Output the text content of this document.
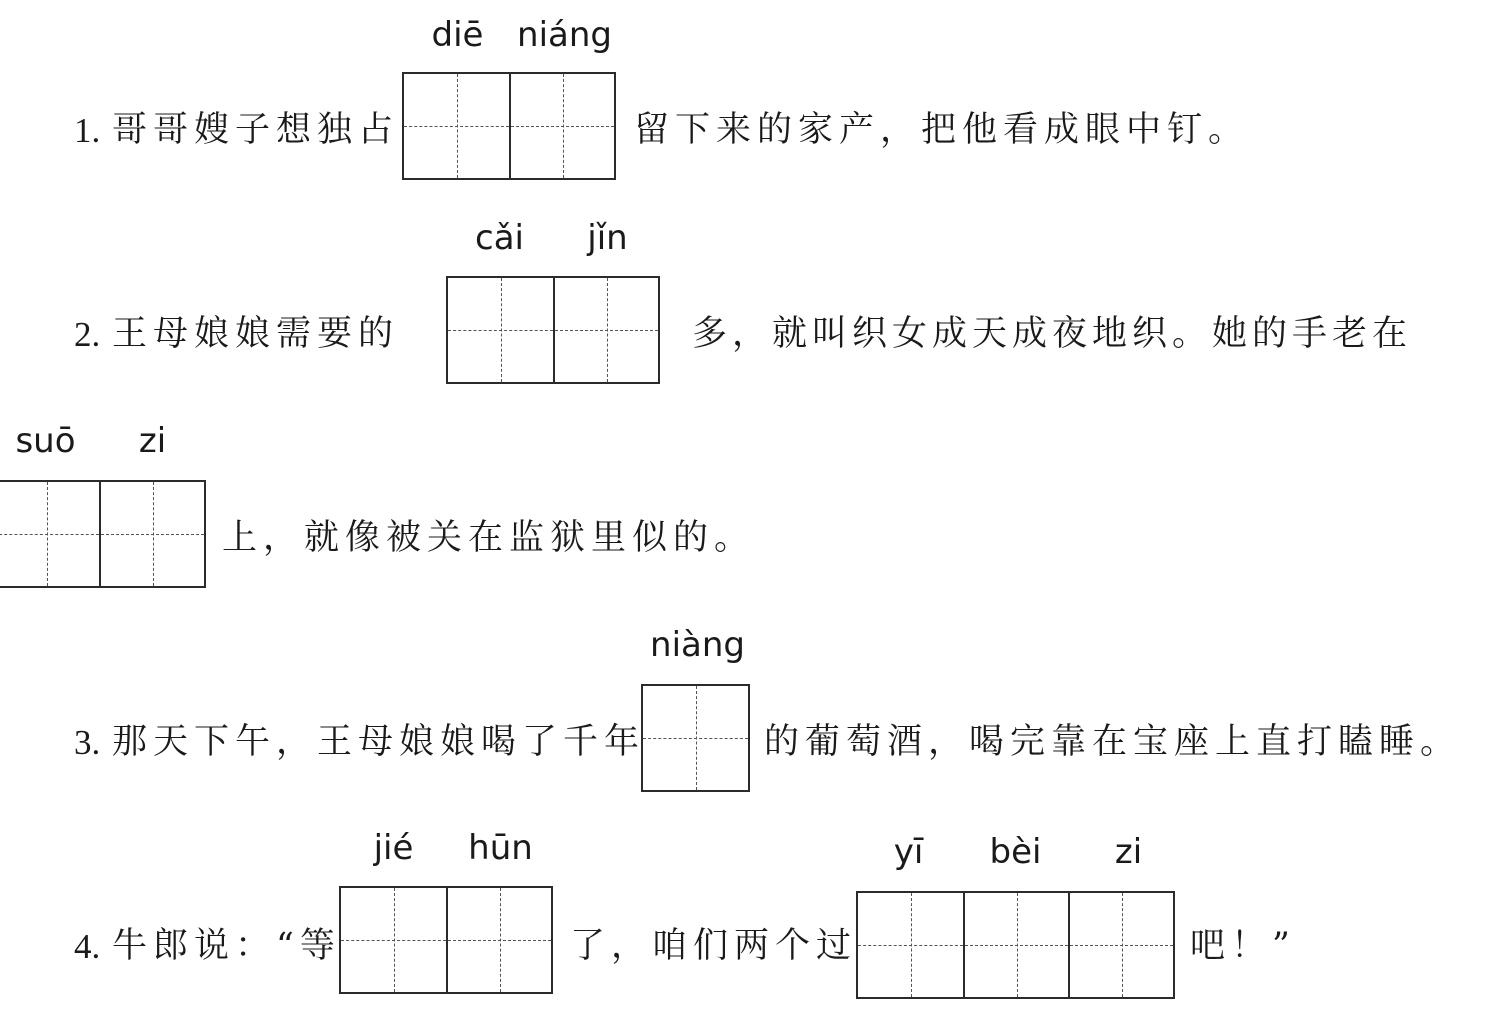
1. 哥哥嫂子想独占
diē niáng
留下来的家产，把他看成眼中钉。
2. 王母娘娘需要的
cǎi	jǐn
多，就叫织女成天成夜地织。她的手老在
suō	zi
上，就像被关在监狱里似的。
3. 那天下午，王母娘娘喝了千年
niàng
的葡萄酒，喝完靠在宝座上直打瞌睡。
4. 牛郎说：“等
jié	hūn
了，咱们两个过
yī	bèi	zi
吧！”
